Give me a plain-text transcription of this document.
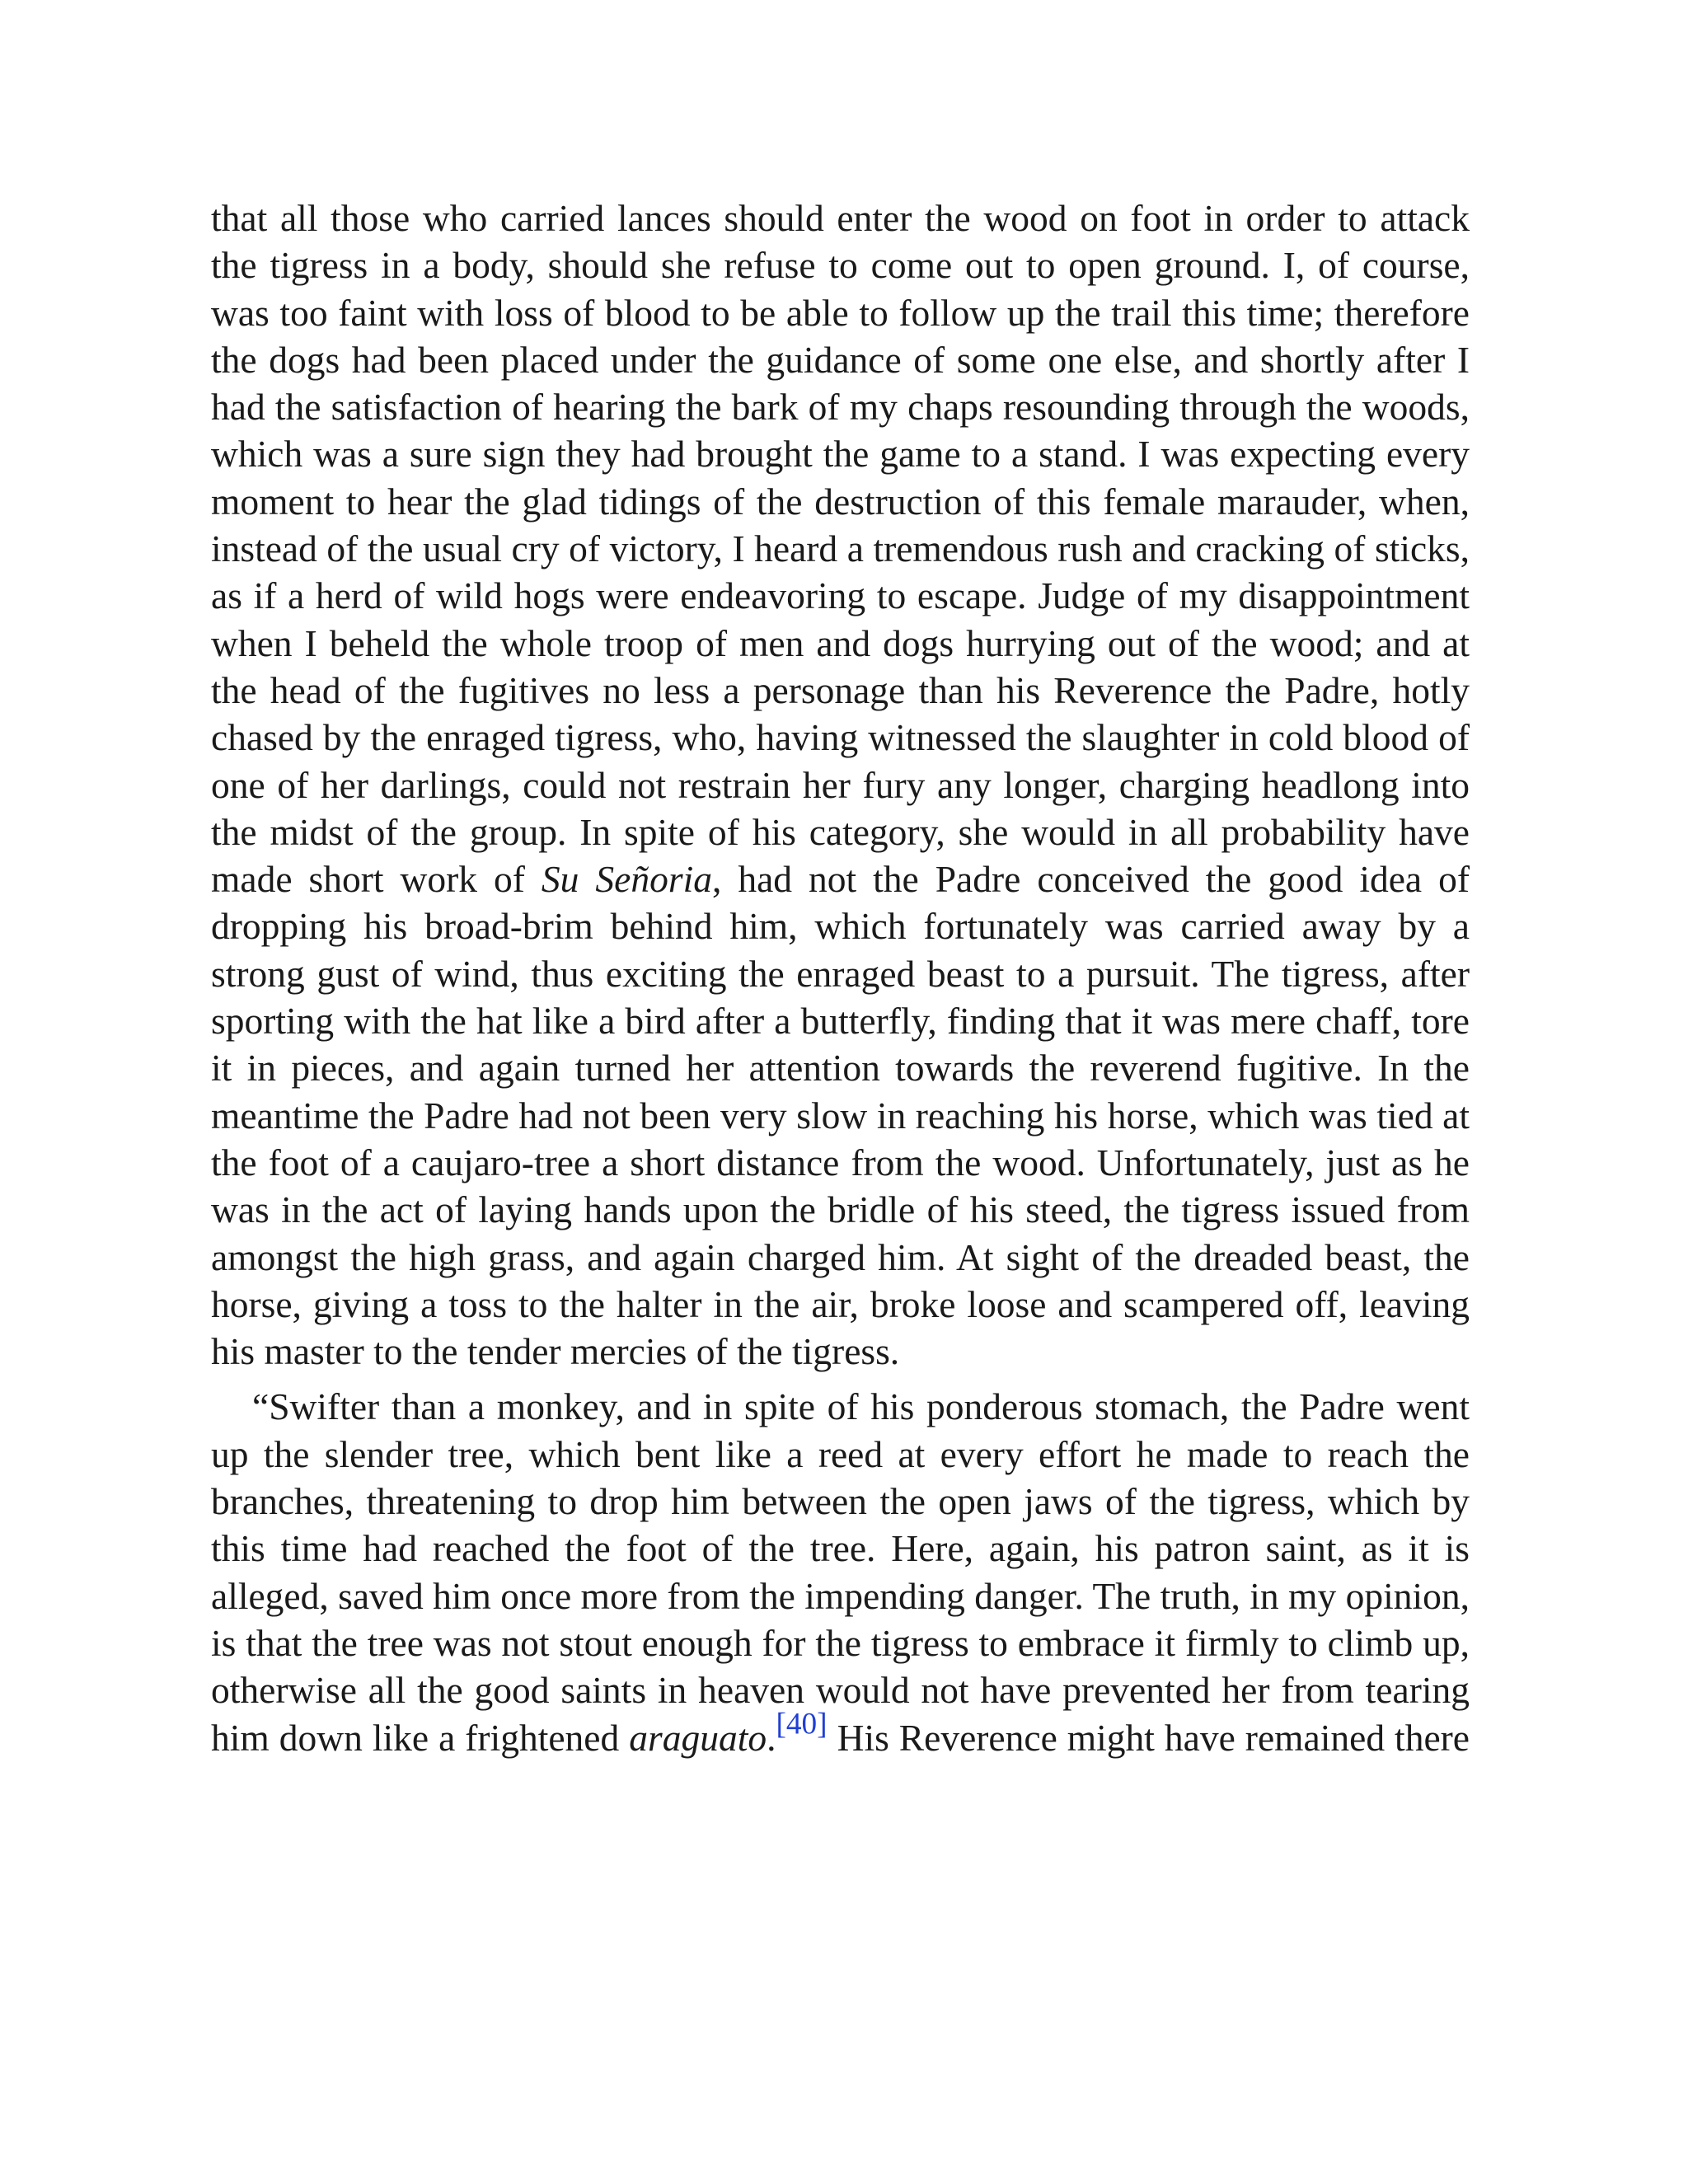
that all those who carried lances should enter the wood on foot in order to attack the tigress in a body, should she refuse to come out to open ground. I, of course, was too faint with loss of blood to be able to follow up the trail this time; therefore the dogs had been placed under the guidance of some one else, and shortly after I had the satisfaction of hearing the bark of my chaps resounding through the woods, which was a sure sign they had brought the game to a stand. I was expecting every moment to hear the glad tidings of the destruction of this female marauder, when, instead of the usual cry of victory, I heard a tremendous rush and cracking of sticks, as if a herd of wild hogs were endeavoring to escape. Judge of my disappointment when I beheld the whole troop of men and dogs hurrying out of the wood; and at the head of the fugitives no less a personage than his Reverence the Padre, hotly chased by the enraged tigress, who, having witnessed the slaughter in cold blood of one of her darlings, could not restrain her fury any longer, charging headlong into the midst of the group. In spite of his category, she would in all probability have made short work of Su Señoria, had not the Padre conceived the good idea of dropping his broad-brim behind him, which fortunately was carried away by a strong gust of wind, thus exciting the enraged beast to a pursuit. The tigress, after sporting with the hat like a bird after a butterfly, finding that it was mere chaff, tore it in pieces, and again turned her attention towards the reverend fugitive. In the meantime the Padre had not been very slow in reaching his horse, which was tied at the foot of a caujaro-tree a short distance from the wood. Unfortunately, just as he was in the act of laying hands upon the bridle of his steed, the tigress issued from amongst the high grass, and again charged him. At sight of the dreaded beast, the horse, giving a toss to the halter in the air, broke loose and scampered off, leaving his master to the tender mercies of the tigress.

“Swifter than a monkey, and in spite of his ponderous stomach, the Padre went up the slender tree, which bent like a reed at every effort he made to reach the branches, threatening to drop him between the open jaws of the tigress, which by this time had reached the foot of the tree. Here, again, his patron saint, as it is alleged, saved him once more from the impending danger. The truth, in my opinion, is that the tree was not stout enough for the tigress to embrace it firmly to climb up, otherwise all the good saints in heaven would not have prevented her from tearing him down like a frightened araguato.[40] His Reverence might have remained there
